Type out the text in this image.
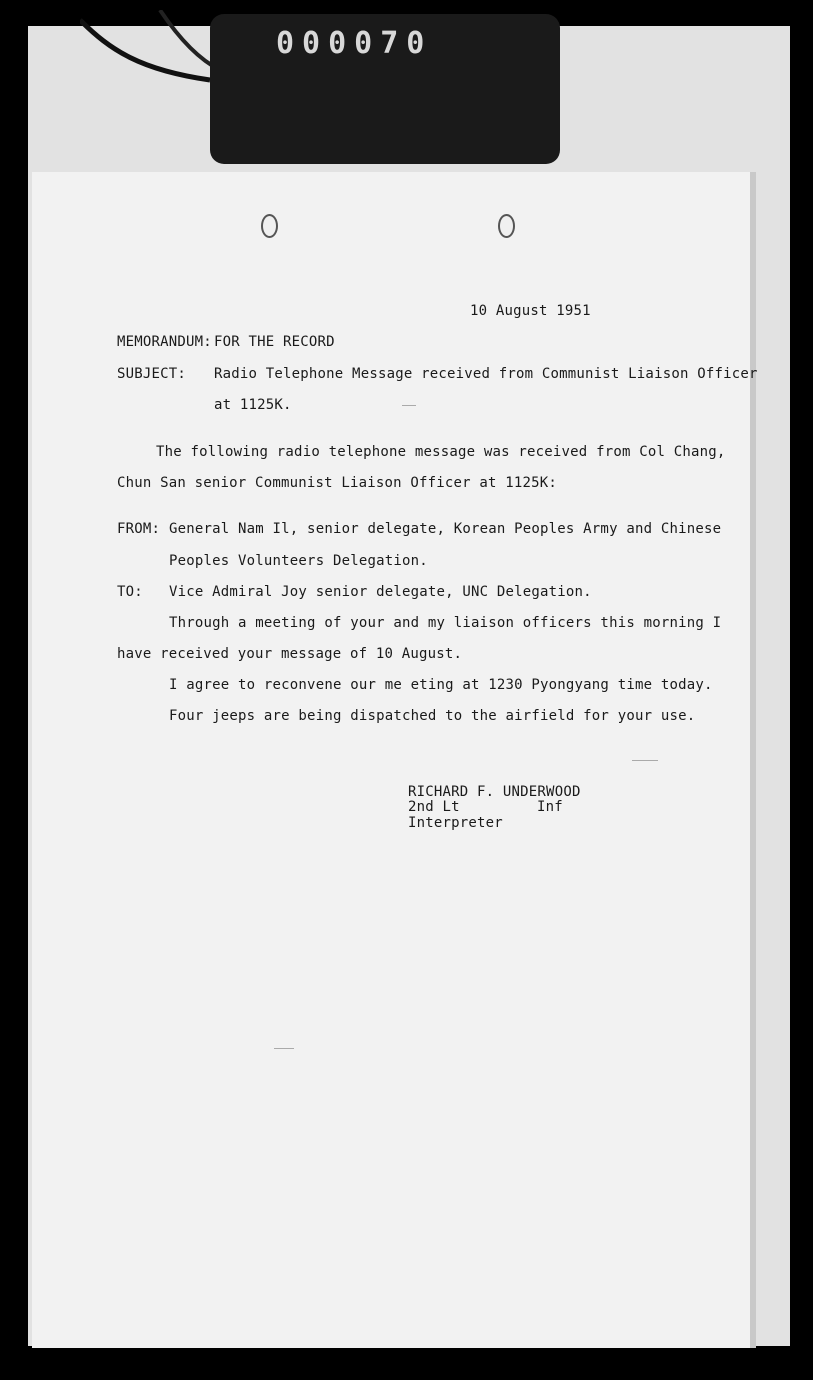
000070
10 August 1951
MEMORANDUM: FOR THE RECORD
SUBJECT: Radio Telephone Message received from Communist Liaison Officer
at 1125K.
The following radio telephone message was received from Col Chang,
Chun San senior Communist Liaison Officer at 1125K:
FROM: General Nam Il, senior delegate, Korean Peoples Army and Chinese
Peoples Volunteers Delegation.
TO: Vice Admiral Joy senior delegate, UNC Delegation.
Through a meeting of your and my liaison officers this morning I
have received your message of 10 August.
I agree to reconvene our me eting at 1230 Pyongyang time today.
Four jeeps are being dispatched to the airfield for your use.
RICHARD F. UNDERWOOD
2nd Lt	Inf
Interpreter
